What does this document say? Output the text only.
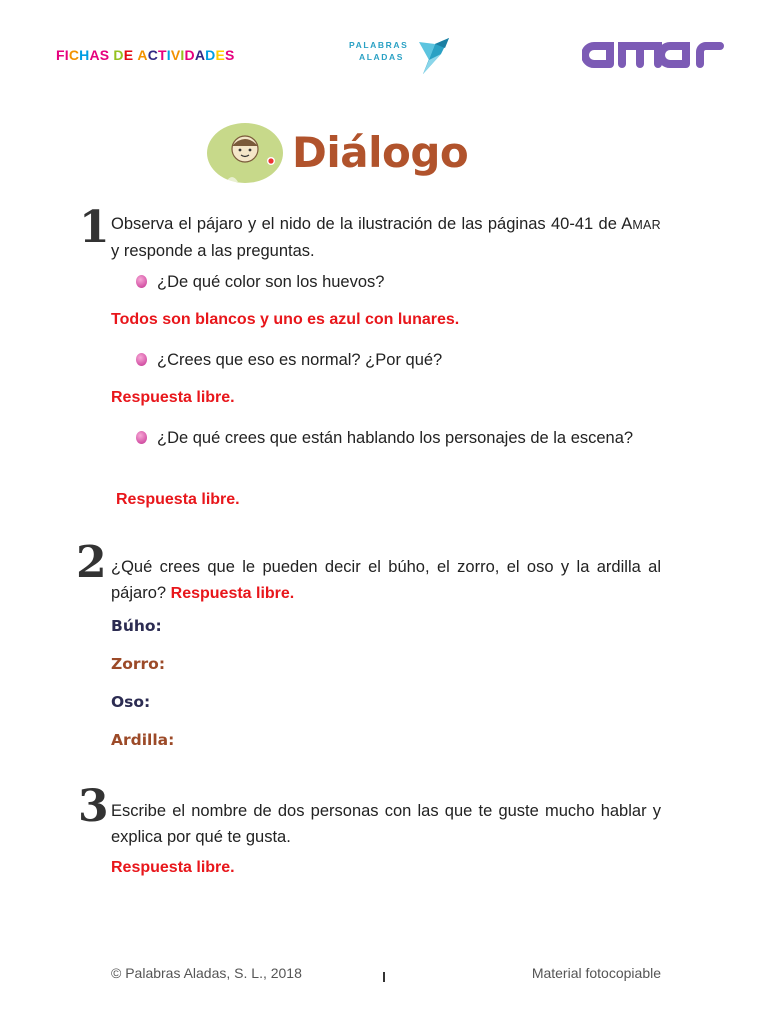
FICHAS DE ACTIVIDADES
PALABRAS
ALADAS
Diálogo
1 Observa el pájaro y el nido de la ilustración de las páginas 40-41 de AMAR y responde a las preguntas.
¿De qué color son los huevos?
Todos son blancos y uno es azul con lunares.
¿Crees que eso es normal? ¿Por qué?
Respuesta libre.
¿De qué crees que están hablando los personajes de la escena?
Respuesta libre.
2 ¿Qué crees que le pueden decir el búho, el zorro, el oso y la ardilla al pájaro? Respuesta libre.
Búho:
Zorro:
Oso:
Ardilla:
3 Escribe el nombre de dos personas con las que te guste mucho hablar y explica por qué te gusta.
Respuesta libre.
© Palabras Aladas, S. L., 2018	Material fotocopiable
